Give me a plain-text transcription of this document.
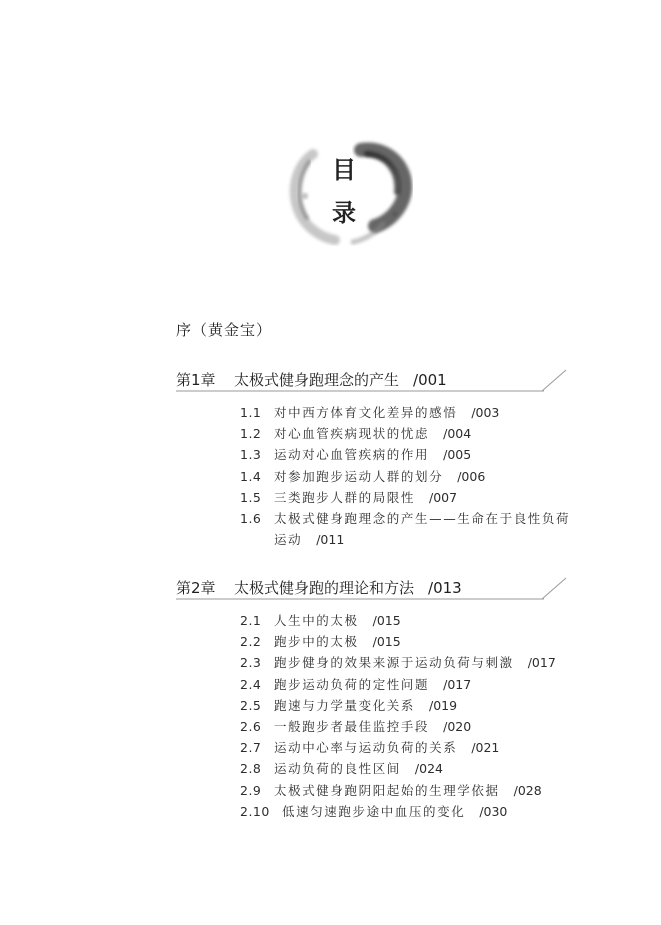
目
录
序（黄金宝）
第1章 太极式健身跑理念的产生 /001
1.1 对中西方体育文化差异的感悟 /003
1.2 对心血管疾病现状的忧虑 /004
1.3 运动对心血管疾病的作用 /005
1.4 对参加跑步运动人群的划分 /006
1.5 三类跑步人群的局限性 /007
1.6 太极式健身跑理念的产生——生命在于良性负荷
运动 /011
第2章 太极式健身跑的理论和方法 /013
2.1 人生中的太极 /015
2.2 跑步中的太极 /015
2.3 跑步健身的效果来源于运动负荷与刺激 /017
2.4 跑步运动负荷的定性问题 /017
2.5 跑速与力学量变化关系 /019
2.6 一般跑步者最佳监控手段 /020
2.7 运动中心率与运动负荷的关系 /021
2.8 运动负荷的良性区间 /024
2.9 太极式健身跑阴阳起始的生理学依据 /028
2.10 低速匀速跑步途中血压的变化 /030
